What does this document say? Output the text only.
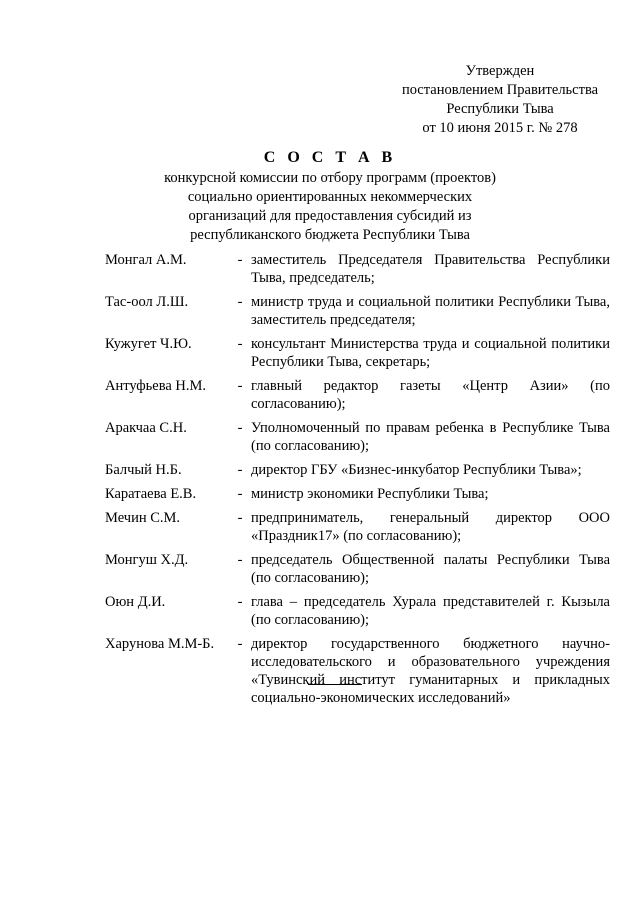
Утвержден
постановлением Правительства
Республики Тыва
от 10 июня 2015 г. № 278
С О С Т А В
конкурсной комиссии по отбору программ (проектов)
социально ориентированных некоммерческих
организаций для предоставления субсидий из
республиканского бюджета Республики Тыва
Монгал А.М.	- заместитель Председателя Правительства Республики Тыва, председатель;
Тас-оол Л.Ш.	- министр труда и социальной политики Республики Тыва, заместитель председателя;
Кужугет Ч.Ю.	- консультант Министерства труда и социальной политики Республики Тыва, секретарь;
Антуфьева Н.М.	- главный редактор газеты «Центр Азии» (по согласованию);
Аракчаа С.Н.	- Уполномоченный по правам ребенка в Республике Тыва (по согласованию);
Балчый Н.Б.	- директор ГБУ «Бизнес-инкубатор Республики Тыва»;
Каратаева Е.В.	- министр экономики Республики Тыва;
Мечин С.М.	- предприниматель, генеральный директор ООО «Праздник17» (по согласованию);
Монгуш Х.Д.	- председатель Общественной палаты Республики Тыва (по согласованию);
Оюн Д.И.	- глава – председатель Хурала представителей г. Кызыла (по согласованию);
Харунова М.М-Б.	- директор государственного бюджетного научно-исследовательского и образовательного учреждения «Тувинский институт гуманитарных и прикладных социально-экономических исследований»
